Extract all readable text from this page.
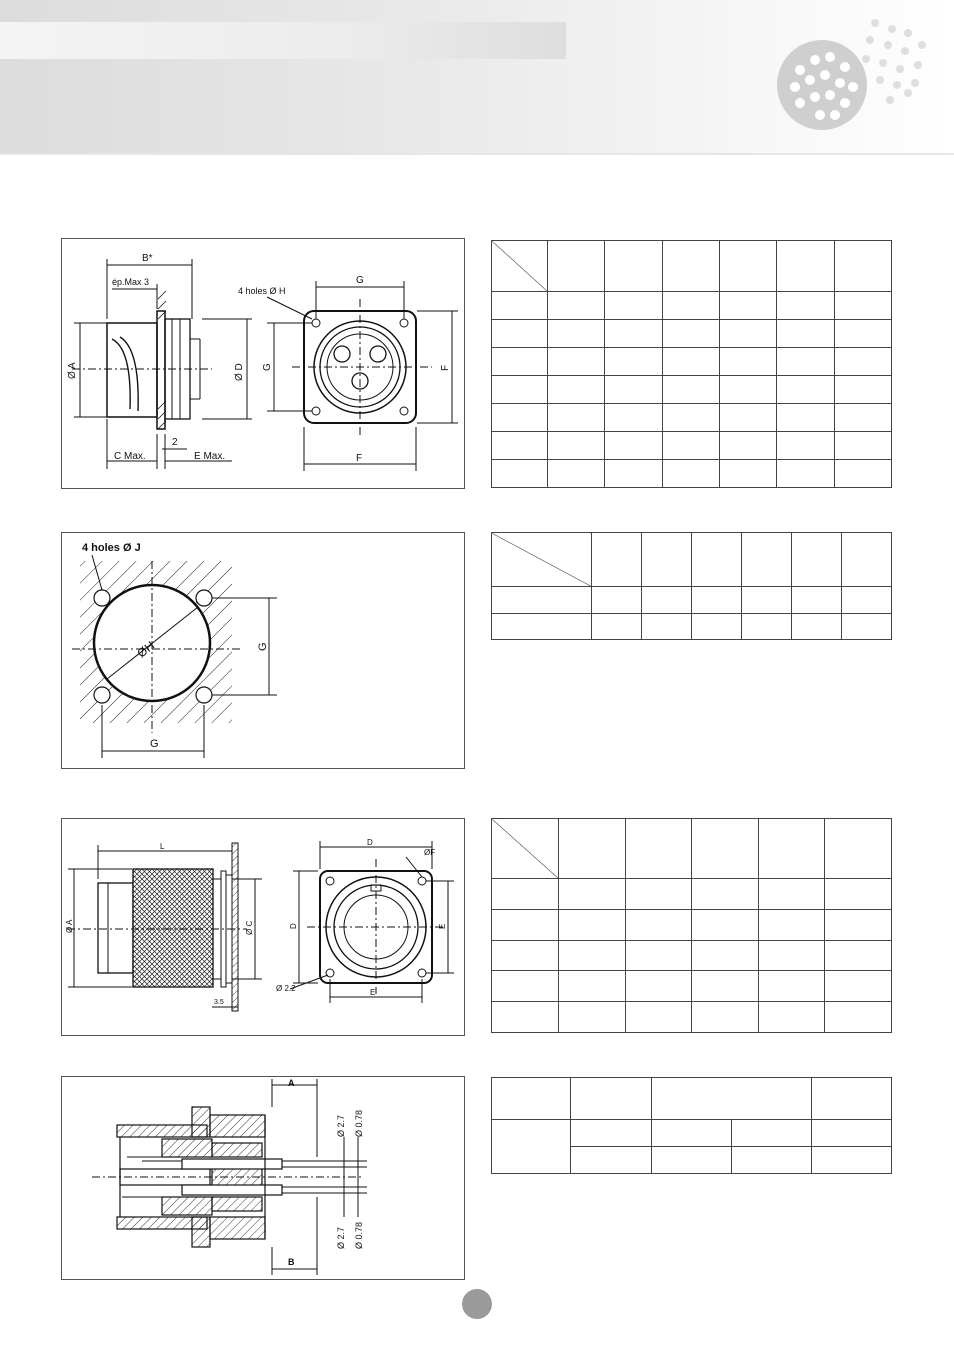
B*
ép.Max 3
4 holes Ø H
G
Ø A	Ø D G	F
2
C Max.	E Max.	F

4 holes Ø J
ØH	G
G

L
Ø A	Ø C
D
ØF
D	E
E
Ø 2.2
3.5

A
B
Ø 2.7 Ø 0.78
Ø 2.7 Ø 0.78
